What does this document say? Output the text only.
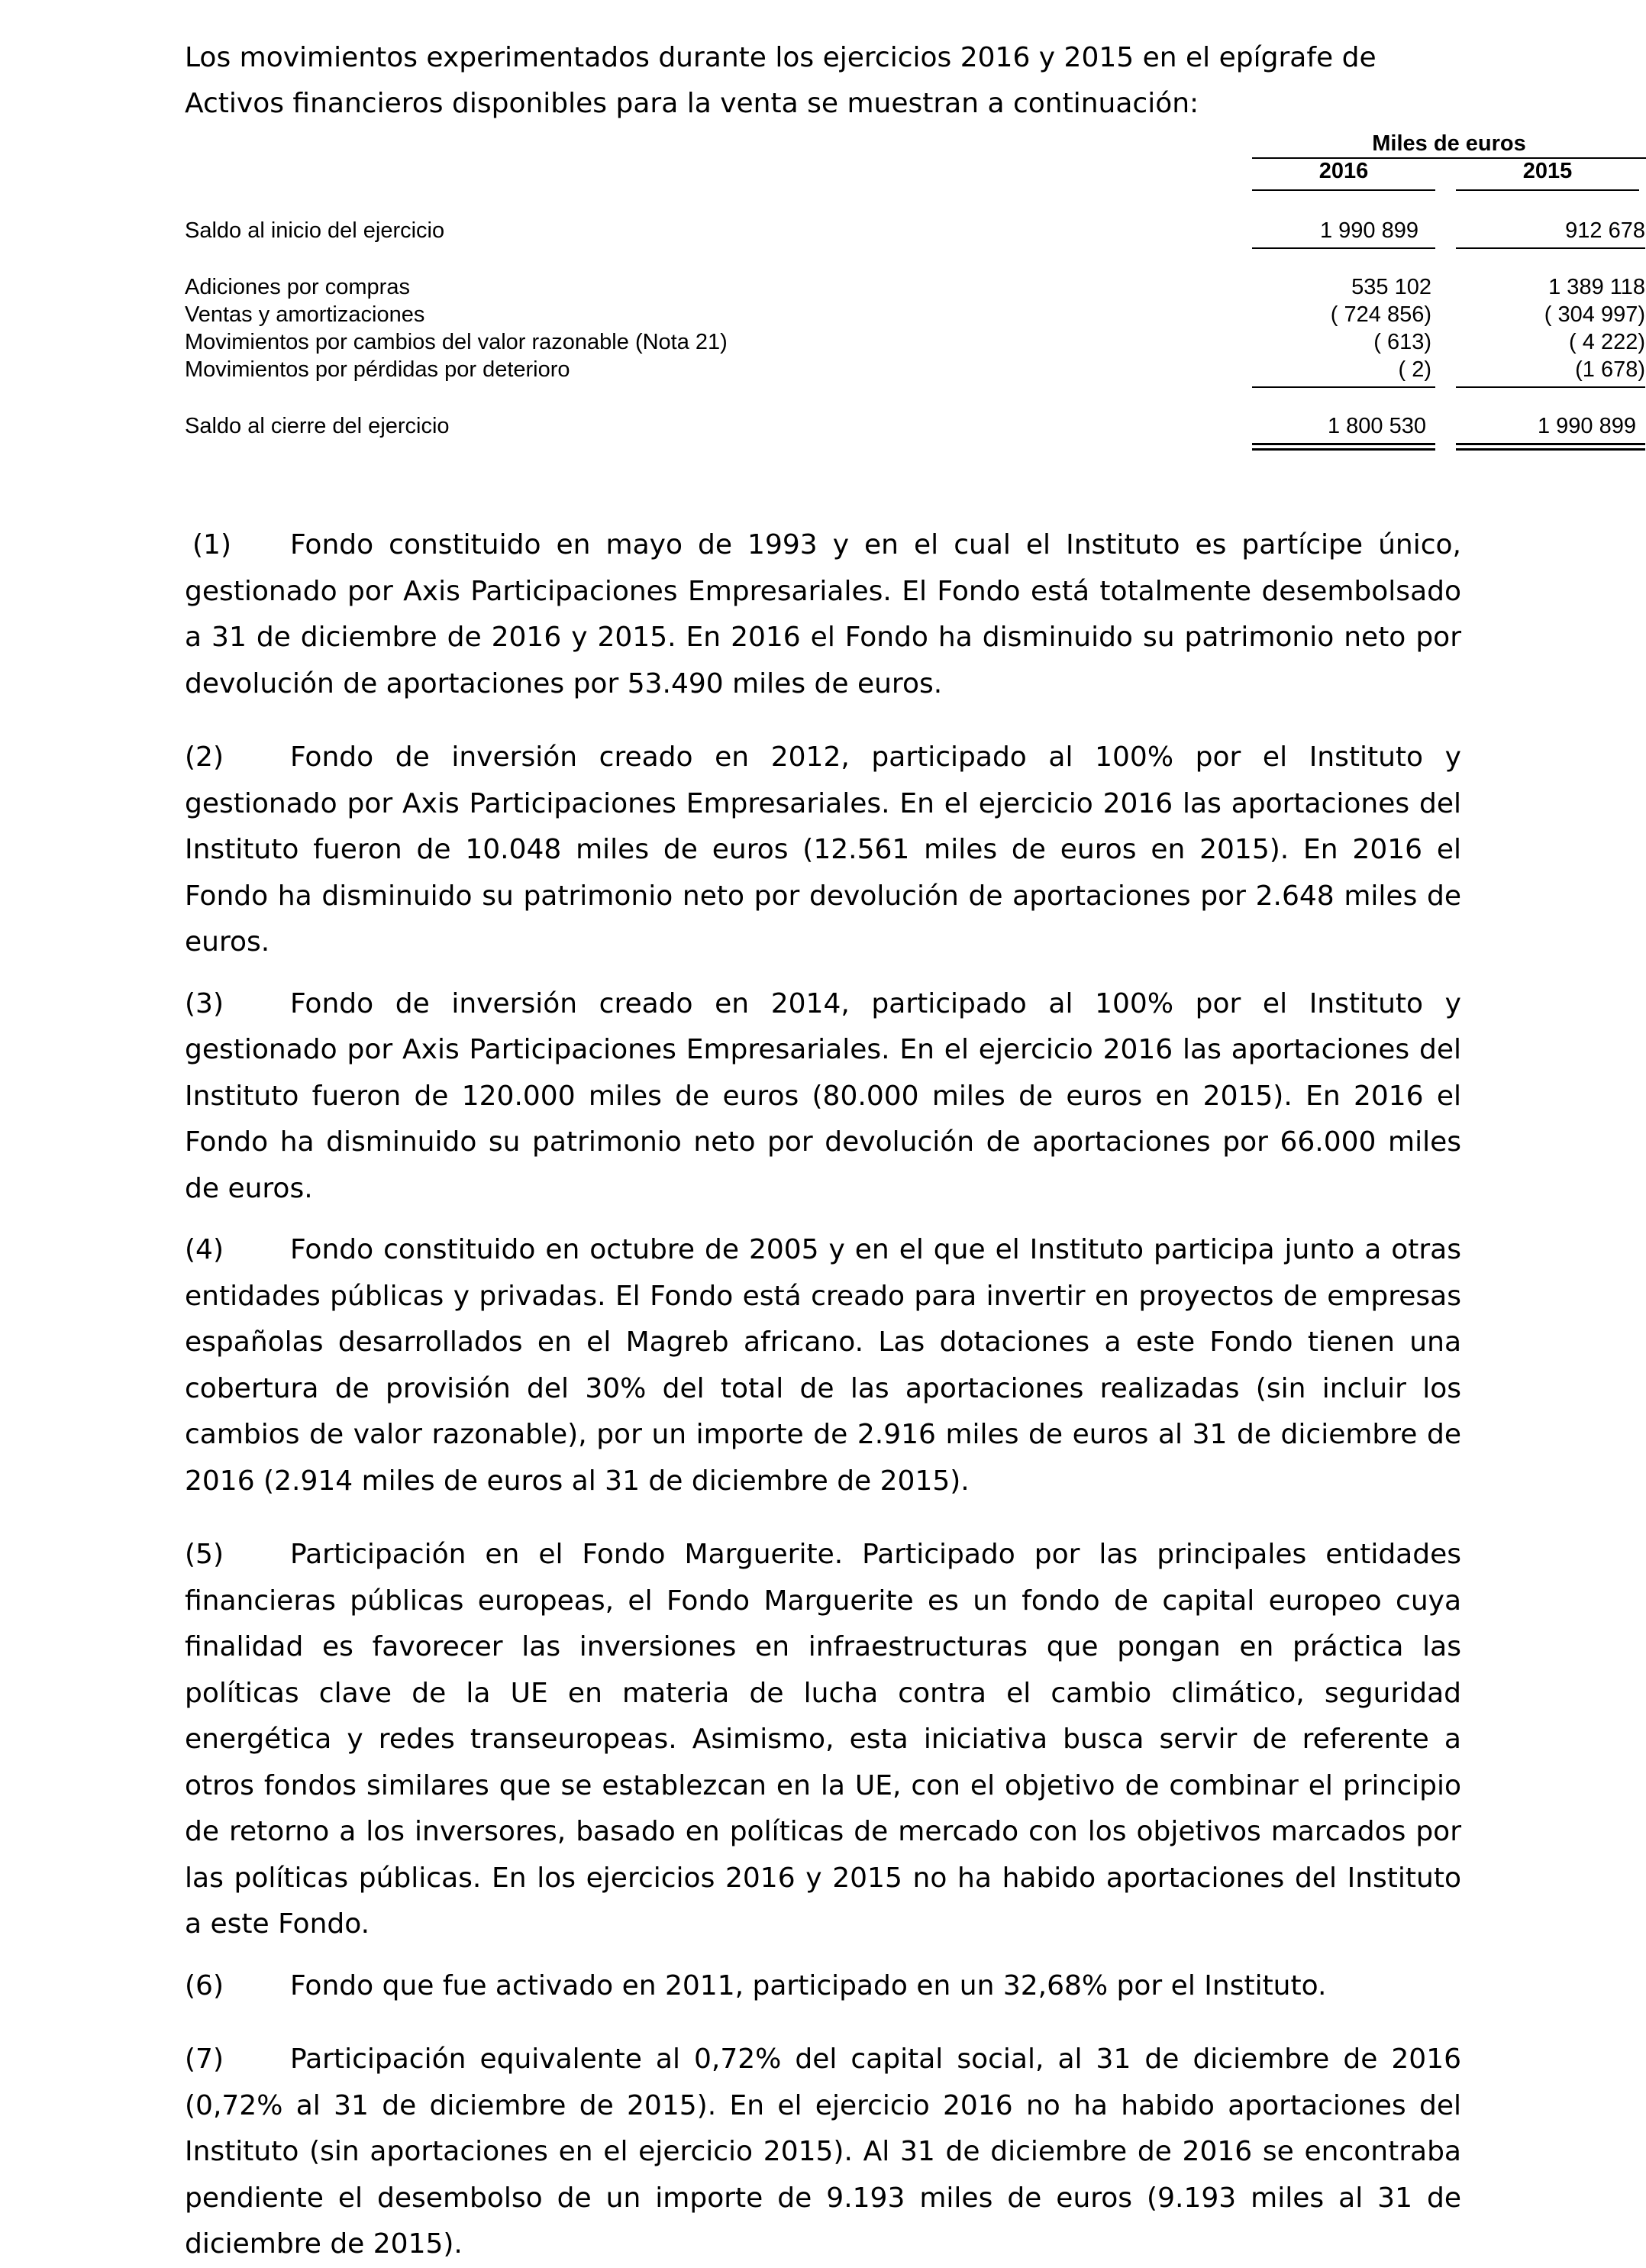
Los movimientos experimentados durante los ejercicios 2016 y 2015 en el epígrafe de Activos financieros disponibles para la venta se muestran a continuación:

Miles de euros
2016	2015
Saldo al inicio del ejercicio	1 990 899	912 678
Adiciones por compras	535 102	1 389 118
Ventas y amortizaciones	( 724 856)	( 304 997)
Movimientos por cambios del valor razonable (Nota 21)	( 613)	( 4 222)
Movimientos por pérdidas por deterioro	( 2)	(1 678)
Saldo al cierre del ejercicio	1 800 530	1 990 899

(1) Fondo constituido en mayo de 1993 y en el cual el Instituto es partícipe único, gestionado por Axis Participaciones Empresariales. El Fondo está totalmente desembolsado a 31 de diciembre de 2016 y 2015. En 2016 el Fondo ha disminuido su patrimonio neto por devolución de aportaciones por 53.490 miles de euros.

(2) Fondo de inversión creado en 2012, participado al 100% por el Instituto y gestionado por Axis Participaciones Empresariales. En el ejercicio 2016 las aportaciones del Instituto fueron de 10.048 miles de euros (12.561 miles de euros en 2015). En 2016 el Fondo ha disminuido su patrimonio neto por devolución de aportaciones por 2.648 miles de euros.

(3) Fondo de inversión creado en 2014, participado al 100% por el Instituto y gestionado por Axis Participaciones Empresariales. En el ejercicio 2016 las aportaciones del Instituto fueron de 120.000 miles de euros (80.000 miles de euros en 2015). En 2016 el Fondo ha disminuido su patrimonio neto por devolución de aportaciones por 66.000 miles de euros.

(4) Fondo constituido en octubre de 2005 y en el que el Instituto participa junto a otras entidades públicas y privadas. El Fondo está creado para invertir en proyectos de empresas españolas desarrollados en el Magreb africano. Las dotaciones a este Fondo tienen una cobertura de provisión del 30% del total de las aportaciones realizadas (sin incluir los cambios de valor razonable), por un importe de 2.916 miles de euros al 31 de diciembre de 2016 (2.914 miles de euros al 31 de diciembre de 2015).

(5) Participación en el Fondo Marguerite. Participado por las principales entidades financieras públicas europeas, el Fondo Marguerite es un fondo de capital europeo cuya finalidad es favorecer las inversiones en infraestructuras que pongan en práctica las políticas clave de la UE en materia de lucha contra el cambio climático, seguridad energética y redes transeuropeas. Asimismo, esta iniciativa busca servir de referente a otros fondos similares que se establezcan en la UE, con el objetivo de combinar el principio de retorno a los inversores, basado en políticas de mercado con los objetivos marcados por las políticas públicas. En los ejercicios 2016 y 2015 no ha habido aportaciones del Instituto a este Fondo.

(6) Fondo que fue activado en 2011, participado en un 32,68% por el Instituto.

(7) Participación equivalente al 0,72% del capital social, al 31 de diciembre de 2016 (0,72% al 31 de diciembre de 2015). En el ejercicio 2016 no ha habido aportaciones del Instituto (sin aportaciones en el ejercicio 2015). Al 31 de diciembre de 2016 se encontraba pendiente el desembolso de un importe de 9.193 miles de euros (9.193 miles al 31 de diciembre de 2015).
